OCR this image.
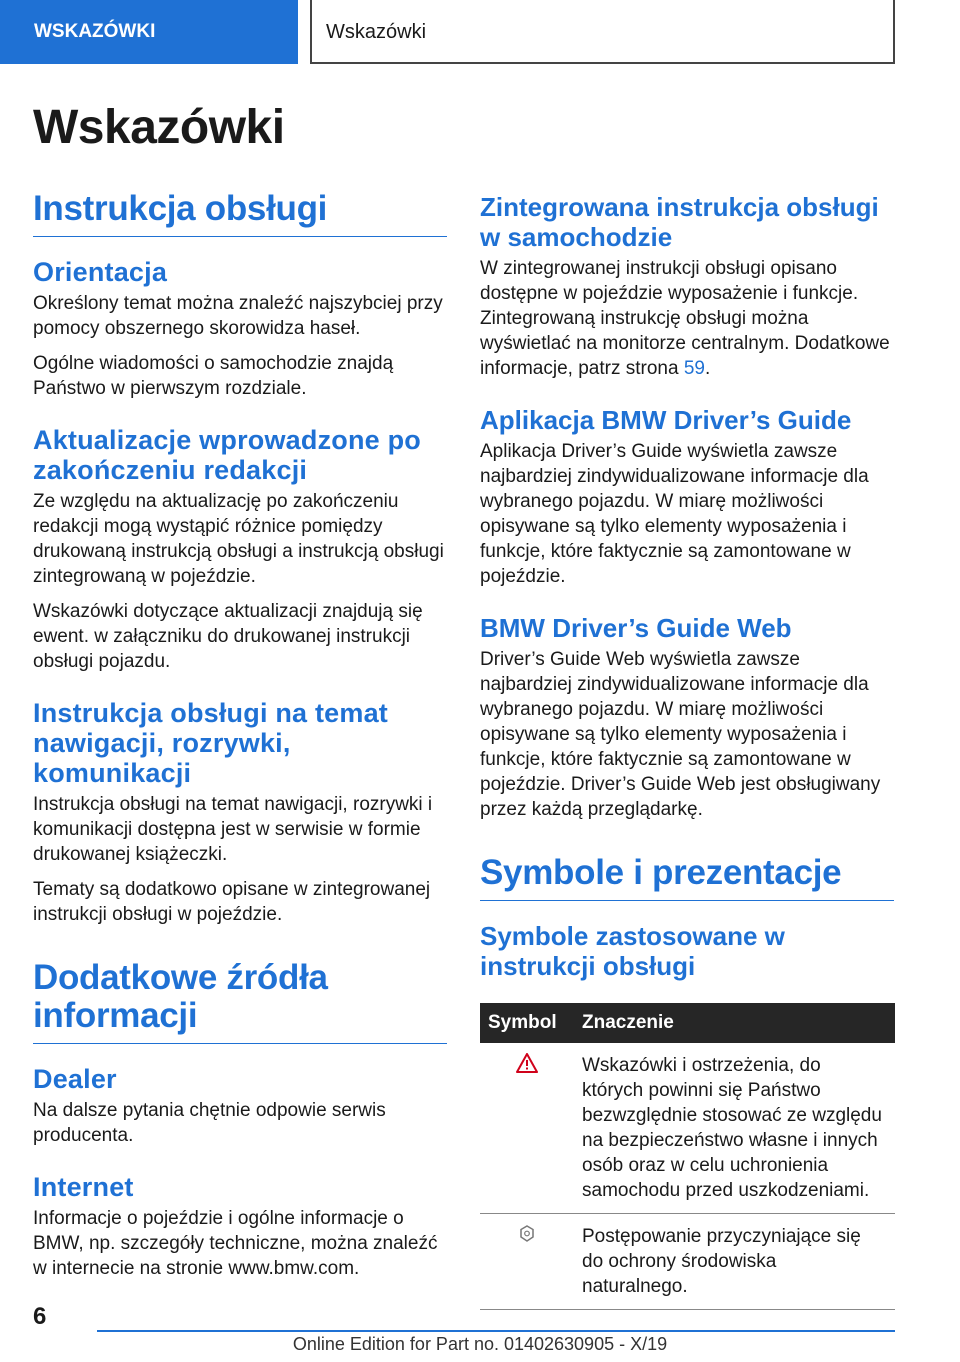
WSKAZÓWKI	Wskazówki
Wskazówki
Instrukcja obsługi
Orientacja

Określony temat można znaleźć najszybciej przy pomocy obszernego skorowidza haseł.

Ogólne wiadomości o samochodzie znajdą Państwo w pierwszym rozdziale.

Aktualizacje wprowadzone po zakończeniu redakcji

Ze względu na aktualizację po zakończeniu redakcji mogą wystąpić różnice pomiędzy drukowaną instrukcją obsługi a instrukcją obsługi zintegrowaną w pojeździe.

Wskazówki dotyczące aktualizacji znajdują się ewent. w załączniku do drukowanej instrukcji obsługi pojazdu.

Instrukcja obsługi na temat nawigacji, rozrywki, komunikacji

Instrukcja obsługi na temat nawigacji, rozrywki i komunikacji dostępna jest w serwisie w formie drukowanej książeczki.

Tematy są dodatkowo opisane w zintegrowanej instrukcji obsługi w pojeździe.

Dodatkowe źródła informacji
Dealer

Na dalsze pytania chętnie odpowie serwis producenta.

Internet

Informacje o pojeździe i ogólne informacje o BMW, np. szczegóły techniczne, można znaleźć w internecie na stronie www.bmw.com.

Zintegrowana instrukcja obsługi w samochodzie

W zintegrowanej instrukcji obsługi opisano dostępne w pojeździe wyposażenie i funkcje. Zintegrowaną instrukcję obsługi można wyświetlać na monitorze centralnym. Dodatkowe informacje, patrz strona 59.

Aplikacja BMW Driver’s Guide

Aplikacja Driver’s Guide wyświetla zawsze najbardziej zindywidualizowane informacje dla wybranego pojazdu. W miarę możliwości opisywane są tylko elementy wyposażenia i funkcje, które faktycznie są zamontowane w pojeździe.

BMW Driver’s Guide Web

Driver’s Guide Web wyświetla zawsze najbardziej zindywidualizowane informacje dla wybranego pojazdu. W miarę możliwości opisywane są tylko elementy wyposażenia i funkcje, które faktycznie są zamontowane w pojeździe. Driver’s Guide Web jest obsługiwany przez każdą przeglądarkę.

Symbole i prezentacje
Symbole zastosowane w instrukcji obsługi
Symbol	Znaczenie
	Wskazówki i ostrzeżenia, do których powinni się Państwo bezwzględnie stosować ze względu na bezpieczeństwo własne i innych osób oraz w celu uchronienia samochodu przed uszkodzeniami.
	Postępowanie przyczyniające się do ochrony środowiska naturalnego.
6
Online Edition for Part no. 01402630905 - X/19
